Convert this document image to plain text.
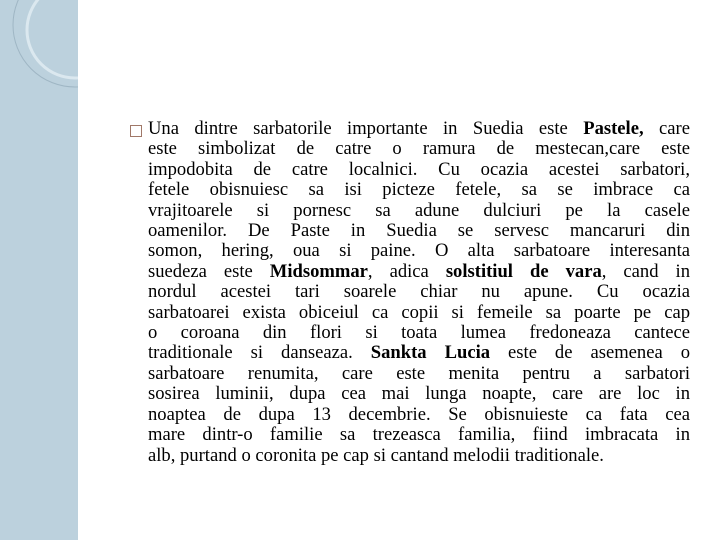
Una dintre sarbatorile importante in Suedia este Pastele, care
este simbolizat de catre o ramura de mestecan,care este
impodobita de catre localnici. Cu ocazia acestei sarbatori,
fetele obisnuiesc sa isi picteze fetele, sa se imbrace ca
vrajitoarele si pornesc sa adune dulciuri pe la casele
oamenilor. De Paste in Suedia se servesc mancaruri din
somon, hering, oua si paine. O alta sarbatoare interesanta
suedeza este Midsommar, adica solstitiul de vara, cand in
nordul acestei tari soarele chiar nu apune. Cu ocazia
sarbatoarei exista obiceiul ca copii si femeile sa poarte pe cap
o coroana din flori si toata lumea fredoneaza cantece
traditionale si danseaza. Sankta Lucia este de asemenea o
sarbatoare renumita, care este menita pentru a sarbatori
sosirea luminii, dupa cea mai lunga noapte, care are loc in
noaptea de dupa 13 decembrie. Se obisnuieste ca fata cea
mare dintr-o familie sa trezeasca familia, fiind imbracata in
alb, purtand o coronita pe cap si cantand melodii traditionale.
